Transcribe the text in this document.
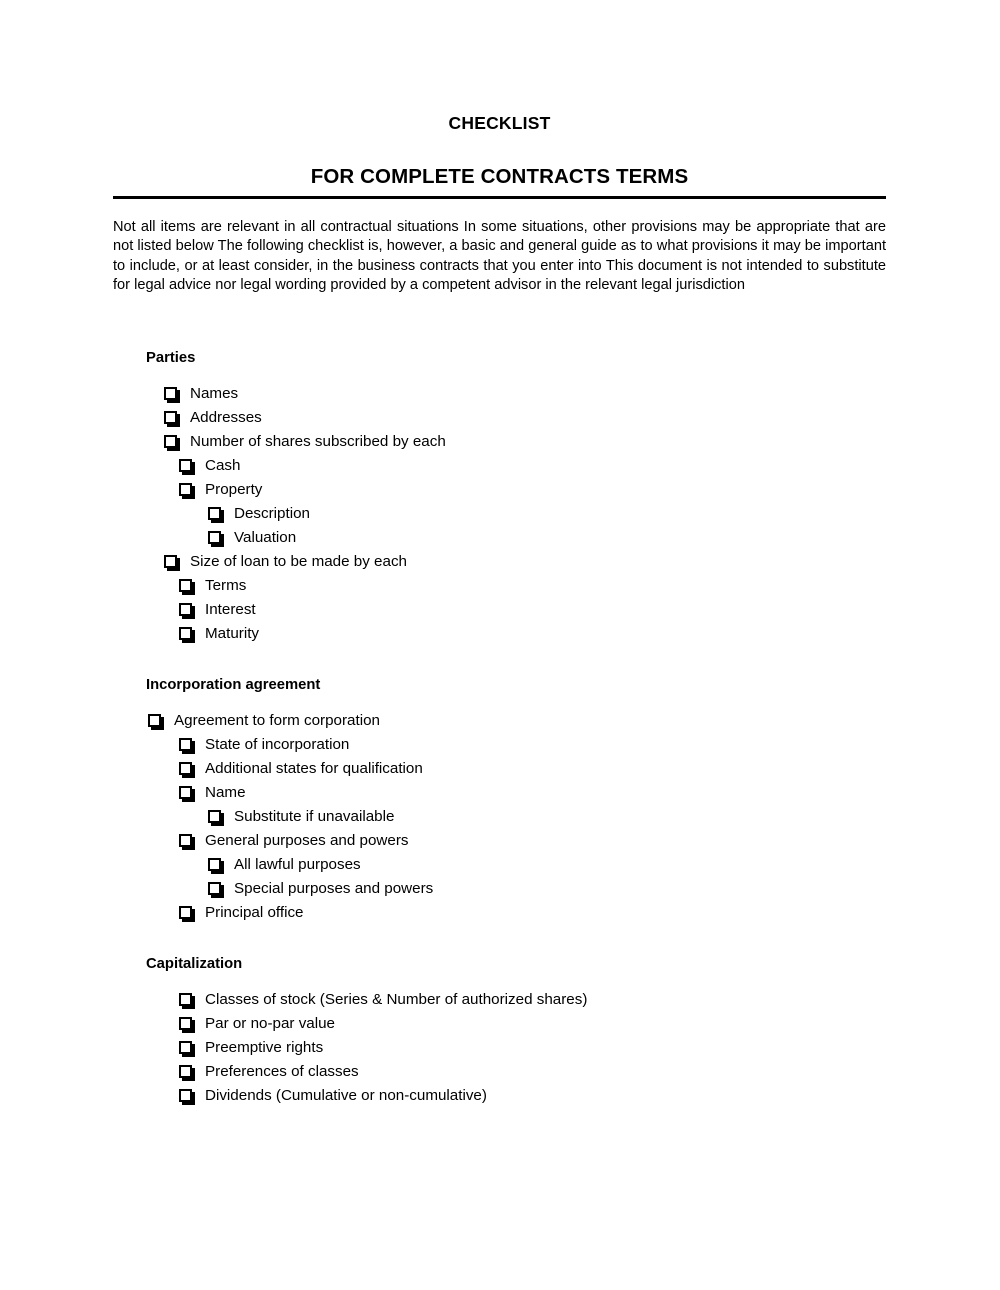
CHECKLIST
FOR COMPLETE CONTRACTS TERMS

Not all items are relevant in all contractual situations In some situations, other provisions may be appropriate that are not listed below The following checklist is, however, a basic and general guide as to what provisions it may be important to include, or at least consider, in the business contracts that you enter into This document is not intended to substitute for legal advice nor legal wording provided by a competent advisor in the relevant legal jurisdiction

Parties
Names
Addresses
Number of shares subscribed by each
Cash
Property
Description
Valuation
Size of loan to be made by each
Terms
Interest
Maturity
Incorporation agreement
Agreement to form corporation
State of incorporation
Additional states for qualification
Name
Substitute if unavailable
General purposes and powers
All lawful purposes
Special purposes and powers
Principal office
Capitalization
Classes of stock (Series & Number of authorized shares)
Par or no-par value
Preemptive rights
Preferences of classes
Dividends (Cumulative or non-cumulative)
